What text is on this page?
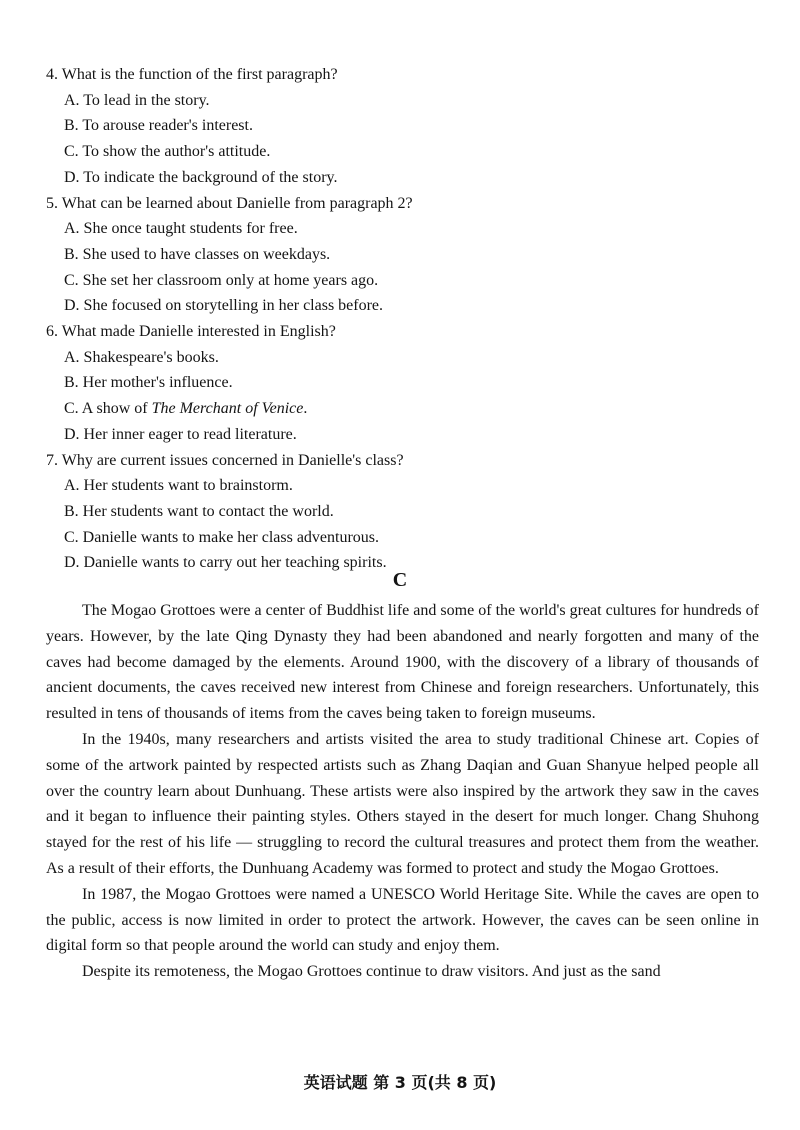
4. What is the function of the first paragraph?
A. To lead in the story.
B. To arouse reader's interest.
C. To show the author's attitude.
D. To indicate the background of the story.
5. What can be learned about Danielle from paragraph 2?
A. She once taught students for free.
B. She used to have classes on weekdays.
C. She set her classroom only at home years ago.
D. She focused on storytelling in her class before.
6. What made Danielle interested in English?
A. Shakespeare's books.
B. Her mother's influence.
C. A show of The Merchant of Venice.
D. Her inner eager to read literature.
7. Why are current issues concerned in Danielle's class?
A. Her students want to brainstorm.
B. Her students want to contact the world.
C. Danielle wants to make her class adventurous.
D. Danielle wants to carry out her teaching spirits.
C

The Mogao Grottoes were a center of Buddhist life and some of the world's great cultures for hundreds of years. However, by the late Qing Dynasty they had been abandoned and nearly forgotten and many of the caves had become damaged by the elements. Around 1900, with the discovery of a library of thousands of ancient documents, the caves received new interest from Chinese and foreign researchers. Unfortunately, this resulted in tens of thousands of items from the caves being taken to foreign museums.

In the 1940s, many researchers and artists visited the area to study traditional Chinese art. Copies of some of the artwork painted by respected artists such as Zhang Daqian and Guan Shanyue helped people all over the country learn about Dunhuang. These artists were also inspired by the artwork they saw in the caves and it began to influence their painting styles. Others stayed in the desert for much longer. Chang Shuhong stayed for the rest of his life — struggling to record the cultural treasures and protect them from the weather. As a result of their efforts, the Dunhuang Academy was formed to protect and study the Mogao Grottoes.

In 1987, the Mogao Grottoes were named a UNESCO World Heritage Site. While the caves are open to the public, access is now limited in order to protect the artwork. However, the caves can be seen online in digital form so that people around the world can study and enjoy them.

Despite its remoteness, the Mogao Grottoes continue to draw visitors. And just as the sand

英语试题 第 3 页(共 8 页)
